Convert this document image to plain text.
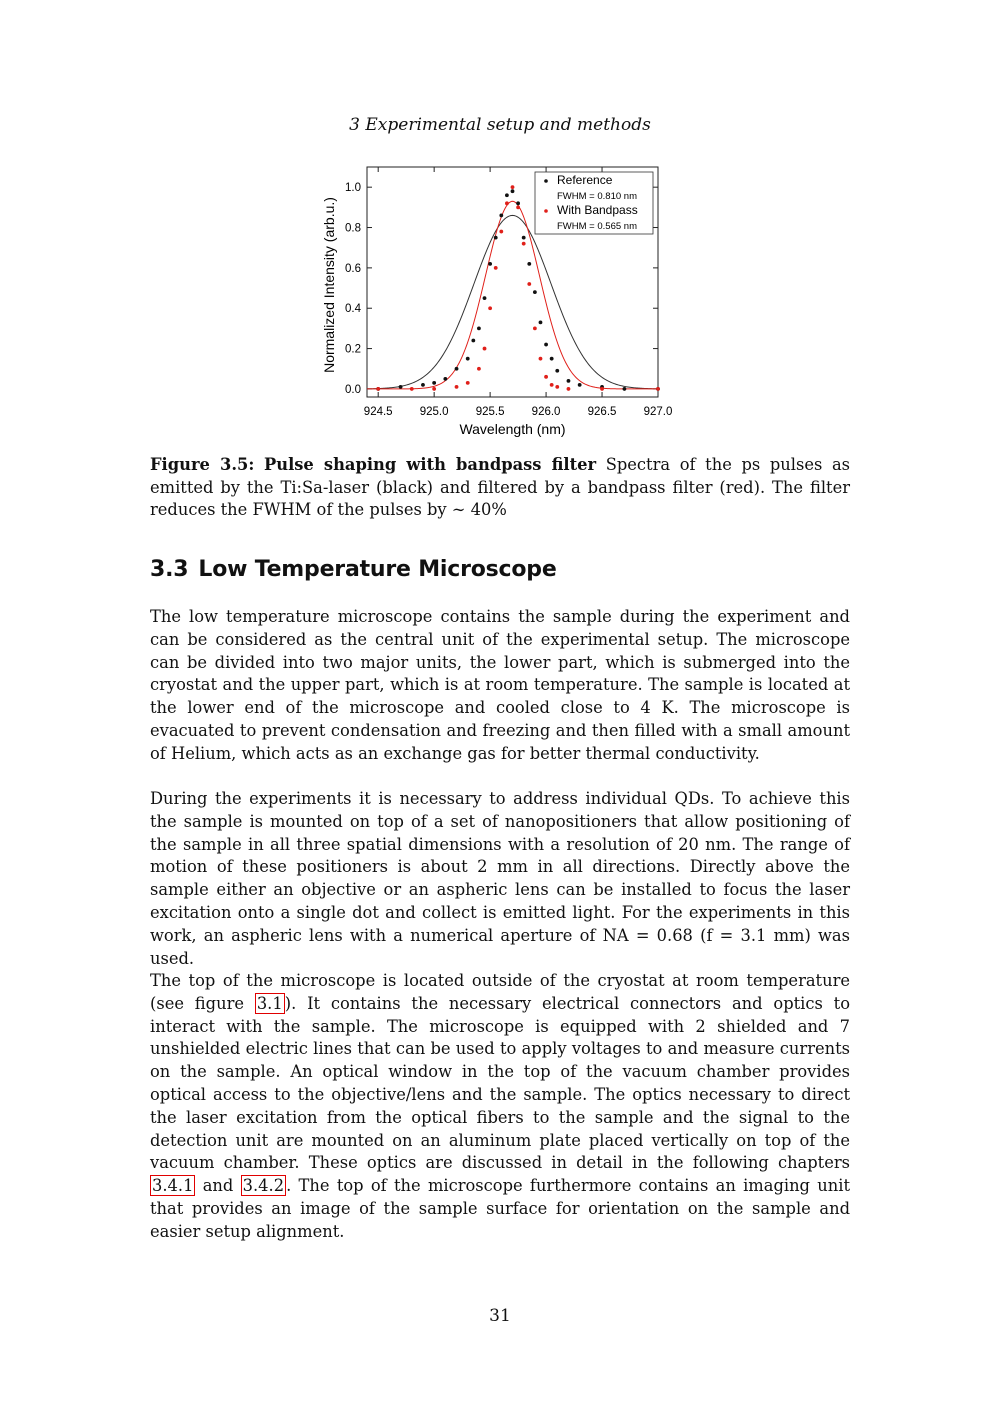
3 Experimental setup and methods
924.5 925.0 925.5 926.0 926.5 927.0
0.0
0.2
0.4
0.6
0.8
1.0
Wavelength (nm)
Normalized Intensity (arb.u.)
Reference
FWHM = 0.810 nm
With Bandpass
FWHM = 0.565 nm
Figure 3.5: Pulse shaping with bandpass filter Spectra of the ps pulses as emitted by the Ti:Sa-laser (black) and filtered by a bandpass filter (red). The filter reduces the FWHM of the pulses by ∼ 40%
3.3 Low Temperature Microscope

The low temperature microscope contains the sample during the experiment and can be considered as the central unit of the experimental setup. The microscope can be divided into two major units, the lower part, which is submerged into the cryostat and the upper part, which is at room temperature. The sample is located at the lower end of the microscope and cooled close to 4 K. The microscope is evacuated to prevent condensation and freezing and then filled with a small amount of Helium, which acts as an exchange gas for better thermal conductivity.

During the experiments it is necessary to address individual QDs. To achieve this the sample is mounted on top of a set of nanopositioners that allow positioning of the sample in all three spatial dimensions with a resolution of 20 nm. The range of motion of these positioners is about 2 mm in all directions. Directly above the sample either an objective or an aspheric lens can be installed to focus the laser excitation onto a single dot and collect is emitted light. For the experiments in this work, an aspheric lens with a numerical aperture of NA = 0.68 (f = 3.1 mm) was used.

The top of the microscope is located outside of the cryostat at room temperature (see figure 3.1 ). It contains the necessary electrical connectors and optics to interact with the sample. The microscope is equipped with 2 shielded and 7 unshielded electric lines that can be used to apply voltages to and measure currents on the sample. An optical window in the top of the vacuum chamber provides optical access to the objective/lens and the sample. The optics necessary to direct the laser excitation from the optical fibers to the sample and the signal to the detection unit are mounted on an aluminum plate placed vertically on top of the vacuum chamber. These optics are discussed in detail in the following chapters 3.4.1 and 3.4.2 . The top of the microscope furthermore contains an imaging unit that provides an image of the sample surface for orientation on the sample and easier setup alignment.

31
